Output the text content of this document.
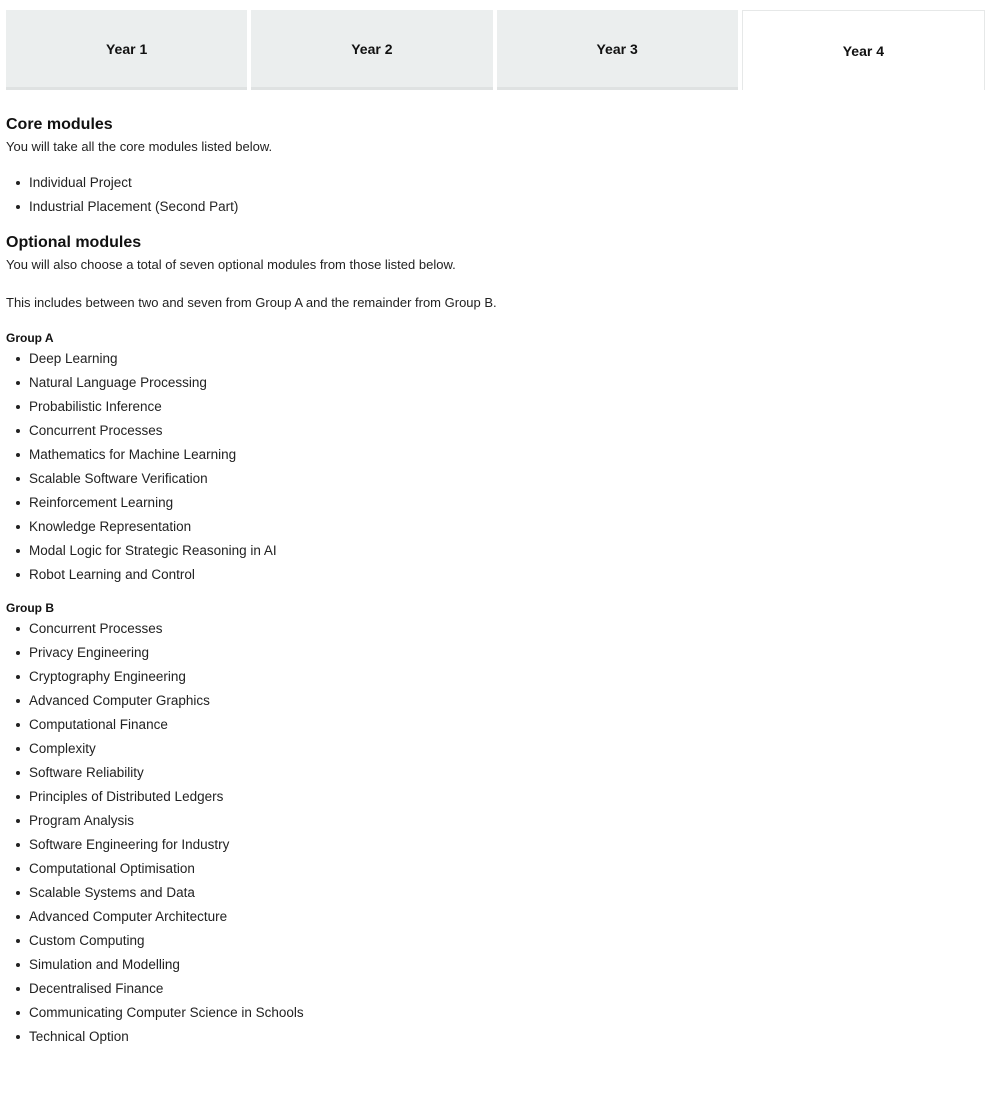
Year 1	Year 2	Year 3	Year 4
Core modules

You will take all the core modules listed below.

Individual Project
Industrial Placement (Second Part)
Optional modules

You will also choose a total of seven optional modules from those listed below.

This includes between two and seven from Group A and the remainder from Group B.

Group A
Deep Learning
Natural Language Processing
Probabilistic Inference
Concurrent Processes
Mathematics for Machine Learning
Scalable Software Verification
Reinforcement Learning
Knowledge Representation
Modal Logic for Strategic Reasoning in AI
Robot Learning and Control
Group B
Concurrent Processes
Privacy Engineering
Cryptography Engineering
Advanced Computer Graphics
Computational Finance
Complexity
Software Reliability
Principles of Distributed Ledgers
Program Analysis
Software Engineering for Industry
Computational Optimisation
Scalable Systems and Data
Advanced Computer Architecture
Custom Computing
Simulation and Modelling
Decentralised Finance
Communicating Computer Science in Schools
Technical Option
